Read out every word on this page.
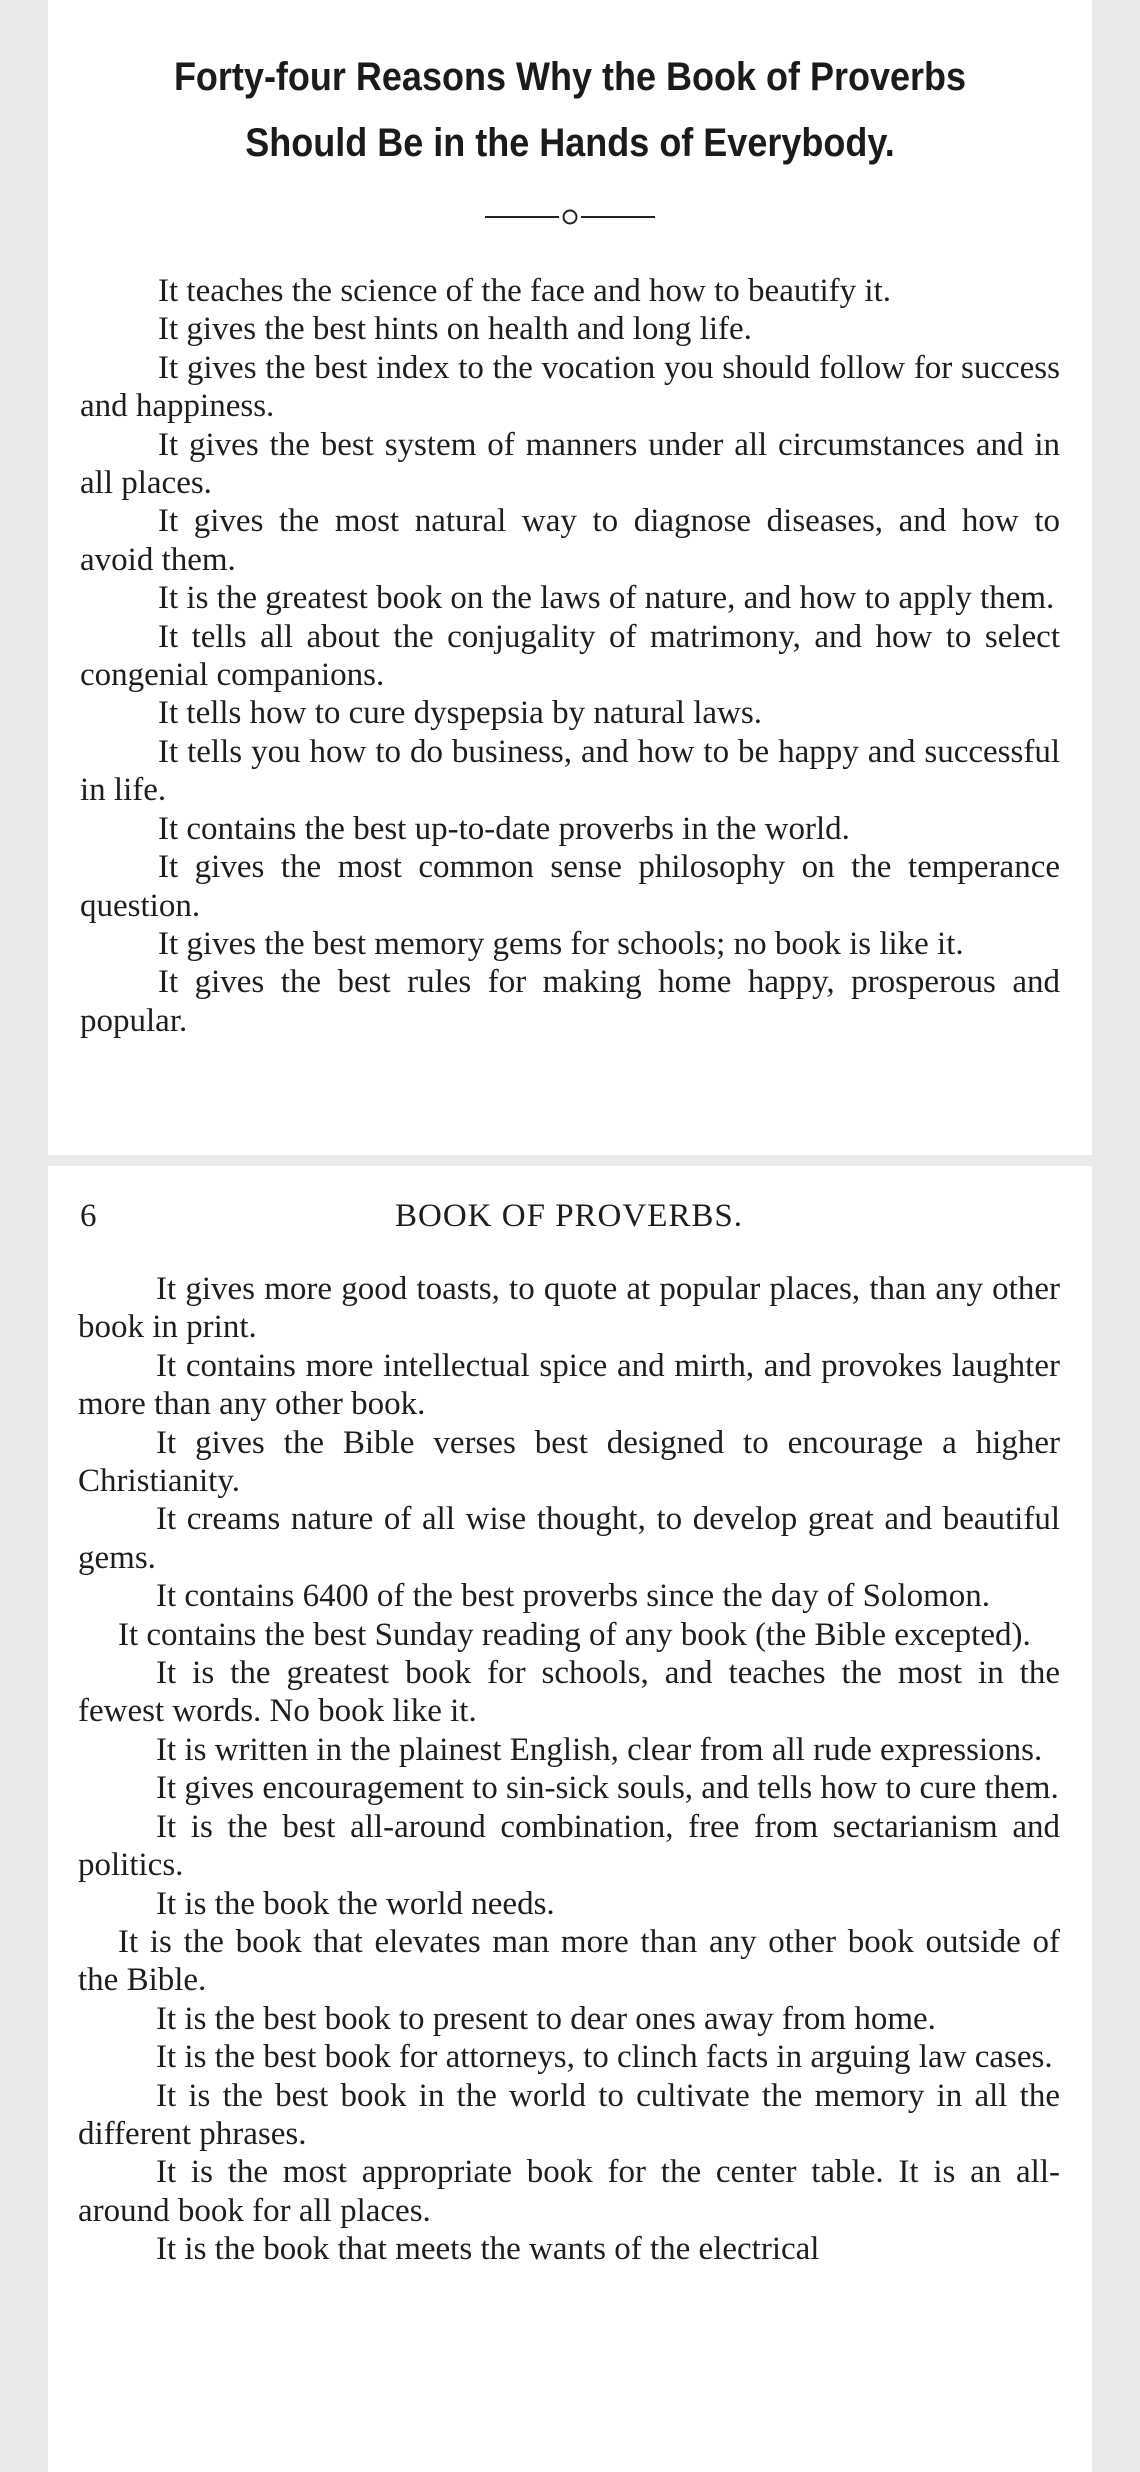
Forty-four Reasons Why the Book of Proverbs
Should Be in the Hands of Everybody.

It teaches the science of the face and how to beautify it.

It gives the best hints on health and long life.

It gives the best index to the vocation you should follow for success and happiness.

It gives the best system of manners under all circumstances and in all places.

It gives the most natural way to diagnose diseases, and how to avoid them.

It is the greatest book on the laws of nature, and how to apply them.

It tells all about the conjugality of matrimony, and how to select congenial companions.

It tells how to cure dyspepsia by natural laws.

It tells you how to do business, and how to be happy and successful in life.

It contains the best up-to-date proverbs in the world.

It gives the most common sense philosophy on the temperance question.

It gives the best memory gems for schools; no book is like it.

It gives the best rules for making home happy, prosperous and popular.

6	BOOK OF PROVERBS.

It gives more good toasts, to quote at popular places, than any other book in print.

It contains more intellectual spice and mirth, and provokes laughter more than any other book.

It gives the Bible verses best designed to encourage a higher Christianity.

It creams nature of all wise thought, to develop great and beautiful gems.

It contains 6400 of the best proverbs since the day of Solomon.

It contains the best Sunday reading of any book (the Bible excepted).

It is the greatest book for schools, and teaches the most in the fewest words. No book like it.

It is written in the plainest English, clear from all rude expressions.

It gives encouragement to sin-sick souls, and tells how to cure them.

It is the best all-around combination, free from sectarianism and politics.

It is the book the world needs.

It is the book that elevates man more than any other book outside of the Bible.

It is the best book to present to dear ones away from home.

It is the best book for attorneys, to clinch facts in arguing law cases.

It is the best book in the world to cultivate the memory in all the different phrases.

It is the most appropriate book for the center table. It is an all-around book for all places.

It is the book that meets the wants of the electrical
